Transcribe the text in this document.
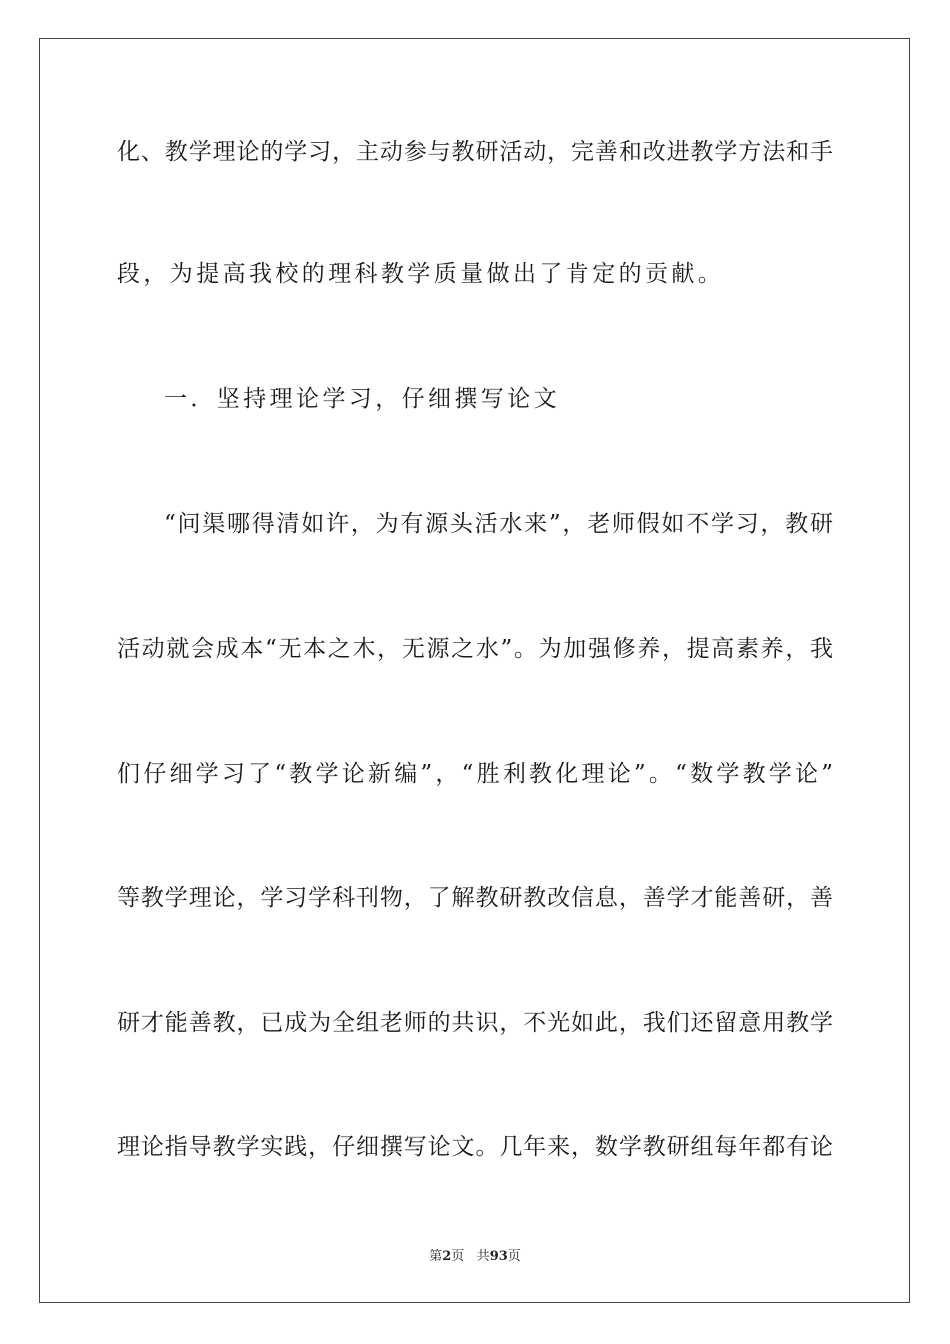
化、教学理论的学习，主动参与教研活动，完善和改进教学方法和手
段，为提高我校的理科教学质量做出了肯定的贡献。
一．坚持理论学习，仔细撰写论文
“问渠哪得清如许，为有源头活水来”，老师假如不学习，教研
活动就会成本“无本之木，无源之水”。为加强修养，提高素养，我
们仔细学习了“教学论新编”，“胜利教化理论”。“数学教学论”
等教学理论，学习学科刊物，了解教研教改信息，善学才能善研，善
研才能善教，已成为全组老师的共识，不光如此，我们还留意用教学
理论指导教学实践，仔细撰写论文。几年来，数学教研组每年都有论
第2页 共93页
